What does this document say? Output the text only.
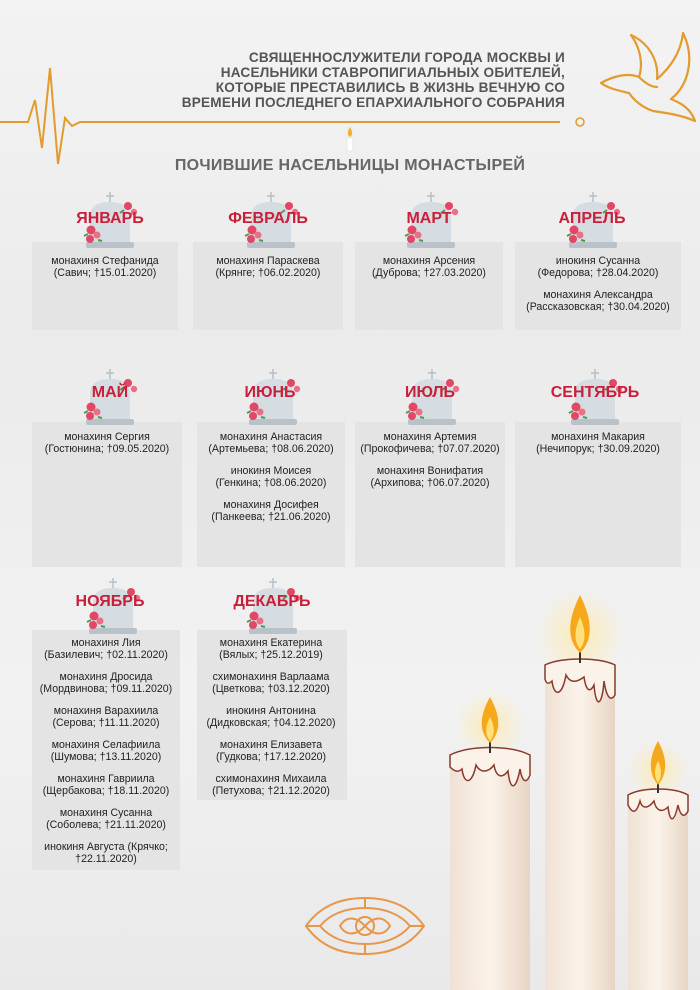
СВЯЩЕННОСЛУЖИТЕЛИ ГОРОДА МОСКВЫ И
НАСЕЛЬНИКИ СТАВРОПИГИАЛЬНЫХ ОБИТЕЛЕЙ,
КОТОРЫЕ ПРЕСТАВИЛИСЬ В ЖИЗНЬ ВЕЧНУЮ СО
ВРЕМЕНИ ПОСЛЕДНЕГО ЕПАРХИАЛЬНОГО СОБРАНИЯ
ПОЧИВШИЕ НАСЕЛЬНИЦЫ МОНАСТЫРЕЙ
ЯНВАРЬ	ФЕВРАЛЬ	МАРТ	АПРЕЛЬ
МАЙ	ИЮНЬ	ИЮЛЬ	СЕНТЯБРЬ
НОЯБРЬ	ДЕКАБРЬ
монахиня Стефанида
(Савич; †15.01.2020)
монахиня Параскева
(Крянге; †06.02.2020)
монахиня Арсения
(Дуброва; †27.03.2020)
инокиня Сусанна
(Федорова; †28.04.2020)
монахиня Александра
(Рассказовская; †30.04.2020)
монахиня Сергия
(Гостюнина; †09.05.2020)
монахиня Анастасия
(Артемьева; †08.06.2020)
инокиня Моисея
(Генкина; †08.06.2020)
монахиня Досифея
(Панкеева; †21.06.2020)
монахиня Артемия
(Прокофичева; †07.07.2020)
монахиня Вонифатия
(Архипова; †06.07.2020)
монахиня Макария
(Нечипорук; †30.09.2020)
монахиня Лия
(Базилевич; †02.11.2020)
монахиня Дросида
(Мордвинова; †09.11.2020)
монахиня Варахиила
(Серова; †11.11.2020)
монахиня Селафиила
(Шумова; †13.11.2020)
монахиня Гавриила
(Щербакова; †18.11.2020)
монахиня Сусанна
(Соболева; †21.11.2020)
инокиня Августа (Крячко;
†22.11.2020)
монахиня Екатерина
(Вялых; †25.12.2019)
схимонахиня Варлаама
(Цветкова; †03.12.2020)
инокиня Антонина
(Дидковская; †04.12.2020)
монахиня Елизавета
(Гудкова; †17.12.2020)
схимонахиня Михаила
(Петухова; †21.12.2020)
